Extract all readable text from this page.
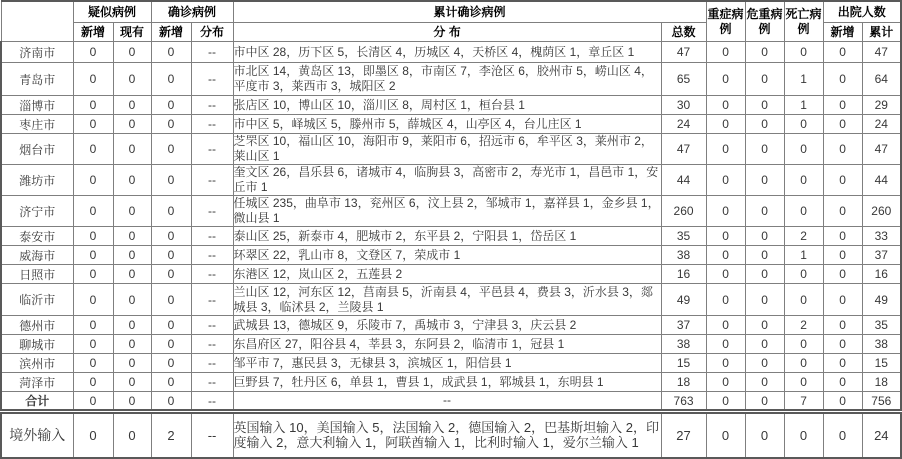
	疑似病例		确诊病例		累计确诊病例		重症病例	危重病例	死亡病例	出院人数	
	新增	现有	新增	分布	分 布	总数				新增	累计
济南市	0	0	0	--	市中区 28，历下区 5，长清区 4，历城区 4，天桥区 4，槐荫区 1，章丘区 1	47	0	0	0	0	47
青岛市	0	0	0	--	市北区 14，黄岛区 13，即墨区 8，市南区 7，李沧区 6，胶州市 5，崂山区 4，平度市 3，莱西市 3，城阳区 2	65	0	0	1	0	64
淄博市	0	0	0	--	张店区 10，博山区 10，淄川区 8，周村区 1，桓台县 1	30	0	0	1	0	29
枣庄市	0	0	0	--	市中区 5，峄城区 5，滕州市 5，薛城区 4，山亭区 4，台儿庄区 1	24	0	0	0	0	24
烟台市	0	0	0	--	芝罘区 10，福山区 10，海阳市 9，莱阳市 6，招远市 6，牟平区 3，莱州市 2，莱山区 1	47	0	0	0	0	47
潍坊市	0	0	0	--	奎文区 26，昌乐县 6，诸城市 4，临朐县 3，高密市 2，寿光市 1，昌邑市 1，安丘市 1	44	0	0	0	0	44
济宁市	0	0	0	--	任城区 235，曲阜市 13，兖州区 6，汶上县 2，邹城市 1，嘉祥县 1，金乡县 1，微山县 1	260	0	0	0	0	260
泰安市	0	0	0	--	泰山区 25，新泰市 4，肥城市 2，东平县 2，宁阳县 1，岱岳区 1	35	0	0	2	0	33
威海市	0	0	0	--	环翠区 22，乳山市 8，文登区 7，荣成市 1	38	0	0	1	0	37
日照市	0	0	0	--	东港区 12，岚山区 2，五莲县 2	16	0	0	0	0	16
临沂市	0	0	0	--	兰山区 12，河东区 12，莒南县 5，沂南县 4，平邑县 4，费县 3，沂水县 3，郯城县 3，临沭县 2，兰陵县 1	49	0	0	0	0	49
德州市	0	0	0	--	武城县 13，德城区 9，乐陵市 7，禹城市 3，宁津县 3，庆云县 2	37	0	0	2	0	35
聊城市	0	0	0	--	东昌府区 27，阳谷县 4，莘县 3，东阿县 2，临清市 1，冠县 1	38	0	0	0	0	38
滨州市	0	0	0	--	邹平市 7，惠民县 3，无棣县 3，滨城区 1，阳信县 1	15	0	0	0	0	15
菏泽市	0	0	0	--	巨野县 7，牡丹区 6，单县 1，曹县 1，成武县 1，郓城县 1，东明县 1	18	0	0	0	0	18
合计	0	0	0	--	--	763	0	0	7	0	756
境外输入	0	0	2	--	英国输入 10，美国输入 5，法国输入 2，德国输入 2，巴基斯坦输入 2，印度输入 2，意大利输入 1，阿联酋输入 1，比利时输入 1，爱尔兰输入 1	27	0	0	0	0	24
